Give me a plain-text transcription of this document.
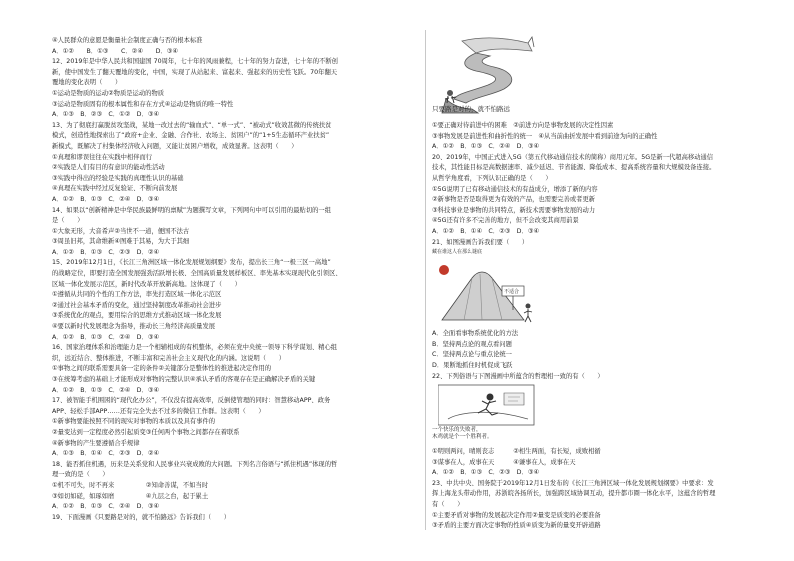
④人民群众的意愿是衡量社会制度正确与否的根本标准
A．①②　　B．①③　　C．②④　　D．③④
12、2019年是中华人民共和国建国 70周年，七十年的风雨兼程，七十年的努力奋进，七十年的不断创
新，使中国发生了翻天覆地的变化，中国，实现了从站起来、富起来、强起来的历史性飞跃。70年翻天
覆地的变化表明（　　）
①运动是物质的运动②物质是运动的物质
③运动是物质固有的根本属性和存在方式④运动是物质的唯一特性
A．①③　B．②③　C．①②　D．③④
13、为了彻底打赢脱贫攻坚战，某地一改过去的“输血式”、“单一式”、“被动式”收效甚微的传统扶贫
模式，创造性地探索出了“政府+企业、金融、合作社、农场主、贫困户”的“1+5生态循环产业扶贫”
新模式，既解决了村集体经济收入问题，又能让贫困户增收，成效显著。这表明（　　）
①真理和谬误往往在实践中相伴而行
②实践是人们有目的有意识的能动性活动
③实践中得出的经验是实践的真理性认识的基础
④真理在实践中经过反复验证、不断向前发展
A．①②　B．①③　C．②④　D．③④
14、如果以“创新精神是中华民族最鲜明的禀赋”为题撰写文章，下列网句中可以引用的最贴切的一组
是（　　）
①大象无形，大音希声②当世不一道，便国不法古
③周虽旧邦，其命维新④图难于其易，为大于其细
A．①②　B．①③　C．②③　D．②④
15、2019年12月1日，《长江三角洲区域一体化发展规划纲要》发布，提出长三角“一极三区一高地”
的战略定位，即要打造全国发展强劲活跃增长极、全国高质量发展样板区、率先基本实现现代化引领区、
区域一体化发展示范区，新时代改革开放新高地。这体现了（　　）
①遵循从共同的个性的工作方法，率先打造区域一体化示范区
②通过社会基本矛盾的变化，通过坚持制度改革推动社会进步
③系统优化的观点，要用综合的思维方式推动区域一体化发展
④要以新时代发展理念为指导，推动长三角经济高质量发展
A．①②　B．①③　C．②④　D．③④
16、国家治理体系和治理能力是一个相辅相成的有机整体，必须在党中央统一领导下科学谋划、精心组
织，远近结合、整体推进，不断丰富和完善社会主义现代化的内涵。这说明（　　）
①事物之间的联系需要具备一定的条件②关键部分是整体性的推进起决定作用的
③在统筹考虑的基础上才能形成对事物的完整认识④承认矛盾的客观存在是正确解决矛盾的关键
A．①②　B．①③　C．②④　D．③④
17、被智能手机围困的“现代化办公”，不仅没有提高效率，反倒使管理的同时：智慧移动APP、政务
APP、轻松手部APP……还有完全失去不过多的微信工作群。这表明（　　）
①新事物要能按照不同的现实对事物的本质以及具有事件的
②量变达到一定程度必然引起质变③任何两个事物之间都存在着联系
④新事物的产生要遵循合乎规律
A．①③　B．①④　C．②③　D．②④
18、能否抓住机遇，历来是关系党和人民事业兴衰成败的大问题。下列名言俗语与“抓住机遇”体现的哲
理一致的是（　　）
①机不可失，时不再来　　　　　②知命善谋，不如当时
③如切如磋，如琢如磨　　　　　④九层之台，起于累土
A．①②　B．①③　C．②④　D．③④
19、下面漫画《只要路是对的，就不怕路远》告诉我们（　　）
只要路是对的，就不怕路远
①要正确对待前进中的困难　②前进方向是事物发展的决定性因素
③事物发展是前进性和曲折性的统一　④从当前曲折发展中看到前途为向的正确性
A．①②　B．①③　C．②④　D．③④
20、2019年，中国正式进入5G（第五代移动通信技术的简称）商用元年。5G是新一代超高移动通信
技术，其性能目标是高数据速率、减少延迟、节省能源、降低成本、提高系统容量和大规模设备连接。
从哲学角度看，下列认识正确的是（　　）
①5G说明了已有移动通信技术的有益成分，增添了新的内容
②新事物是否是取得更为有效的产品，也需要完善或者更新
③科技事业是事物的共同特点，新技术需要事物发展的动力
④5G还有许多不完善的地方，但不会改变其商用前景
A．①②　B．①④　C．②③　D．③④
21、如图漫画告诉我们要（　　）
藏在谁这人在那么谜底
不适合
A．全面看事物系统优化的方法
B．坚持两点论的观点看问题
C．坚持两点论与重点论统一
D．果断地抓住时机促成飞跃
22、下列俗语与下图漫画中所蕴含的哲理相一致的有（　　）
一个快乐的失败者，
木鸡就是个一个胜利者。
①明则两问，晴则丧志　　　②相生两面，有长短，成败相循
③谋事在人，成事在天　　　④谦事在人，成事在天
A．①②　B．①③　C．②③　D．③④
23、中共中央、国务院于2019年12月1日发布的《长江三角洲区域一体化发展规划纲要》中要求：发
挥上海龙头带动作用，苏浙皖各扬所长，加强跨区域协调互动，提升都市圈一体化水平，这蕴含的哲理
有（　　）
①主要矛盾对事物的发展起决定作用②量变是质变的必要准备
③矛盾的主要方面决定事物的性质④质变为新的量变开辟道路
